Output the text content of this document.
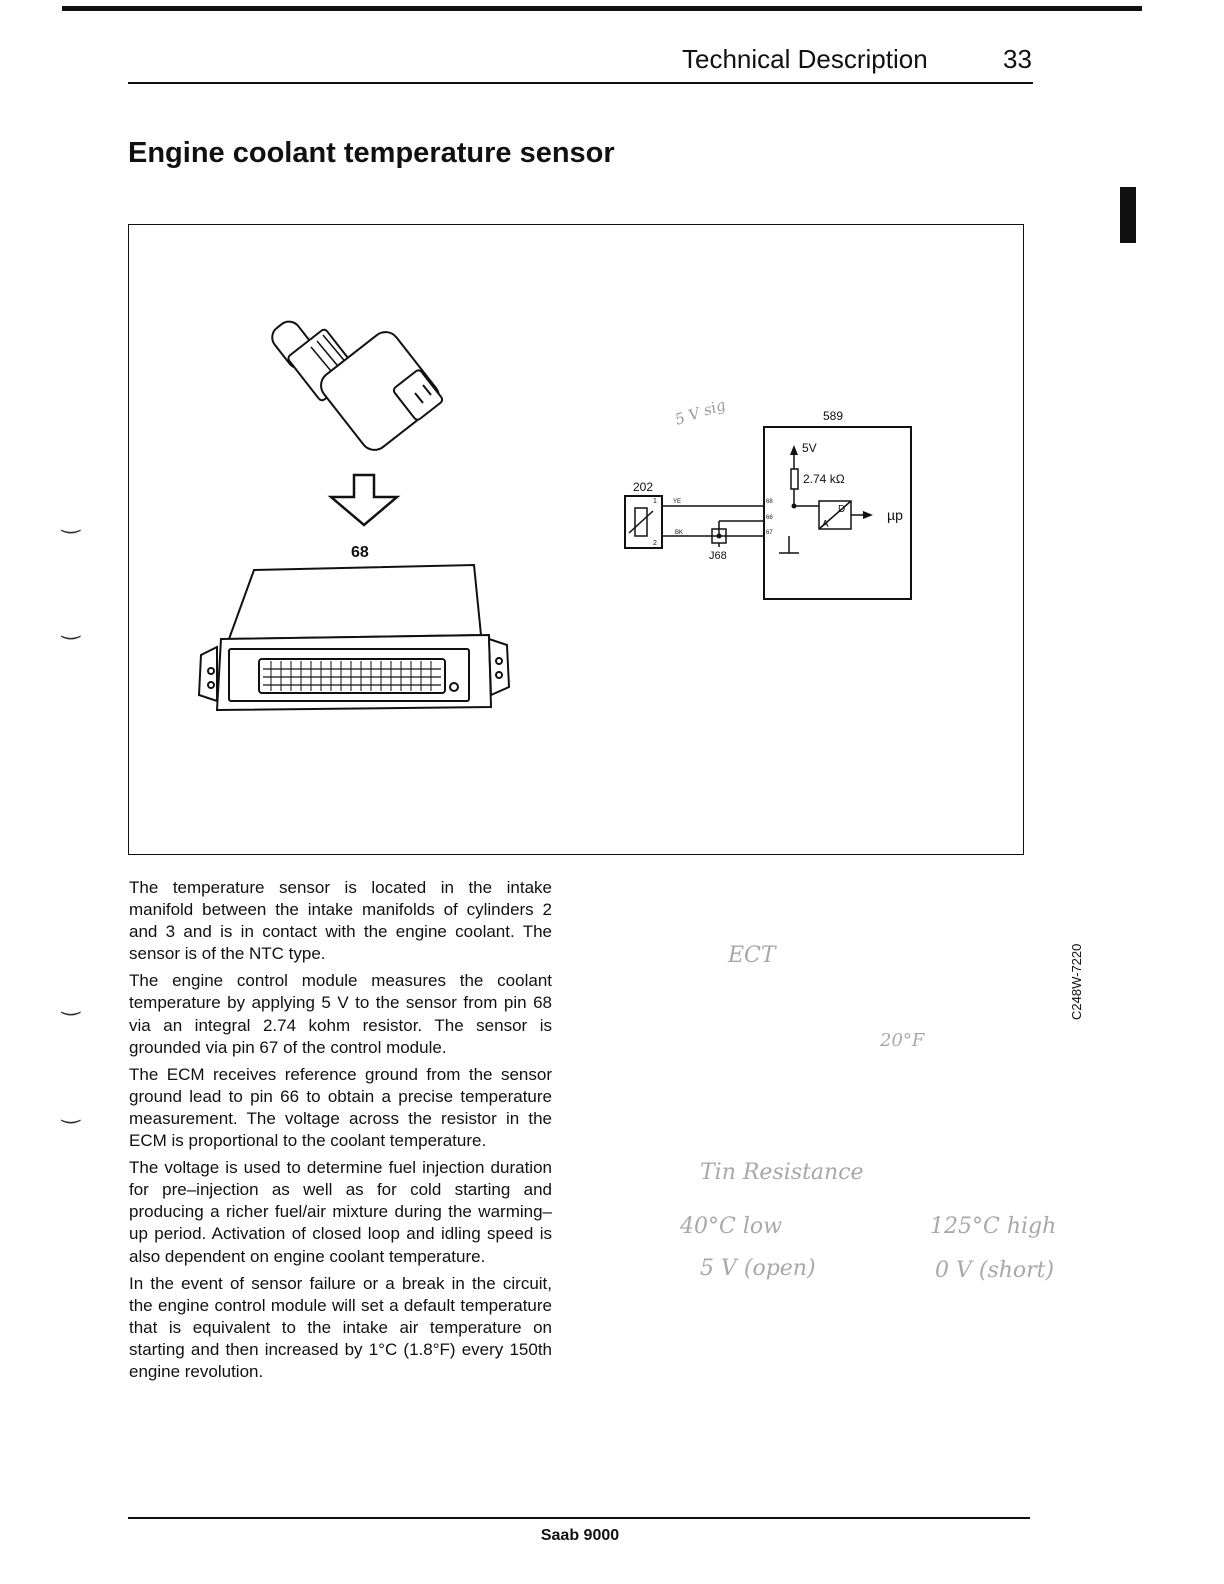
Technical Description	33
‿
‿
‿
‿
Engine coolant temperature sensor
68
202
589
5V
2.74 kΩ
1
2
YE
BK
68
66
67
J68
D
A
µp
5 V sig
C248W-7220

The temperature sensor is located in the intake manifold between the intake manifolds of cylinders 2 and 3 and is in contact with the engine coolant. The sensor is of the NTC type.

The engine control module measures the coolant temperature by applying 5 V to the sensor from pin 68 via an integral 2.74 kohm resistor. The sensor is grounded via pin 67 of the control module.

The ECM receives reference ground from the sensor ground lead to pin 66 to obtain a precise temperature measurement. The voltage across the resistor in the ECM is proportional to the coolant temperature.

The voltage is used to determine fuel injection duration for pre–injection as well as for cold starting and producing a richer fuel/air mixture during the warming–up period. Activation of closed loop and idling speed is also dependent on engine coolant temperature.

In the event of sensor failure or a break in the circuit, the engine control module will set a default temperature that is equivalent to the intake air temperature on starting and then increased by 1°C (1.8°F) every 150th engine revolution.

ECT
20°F
Tin Resistance
40°C low	125°C high
5 V (open)	0 V (short)
Saab 9000
